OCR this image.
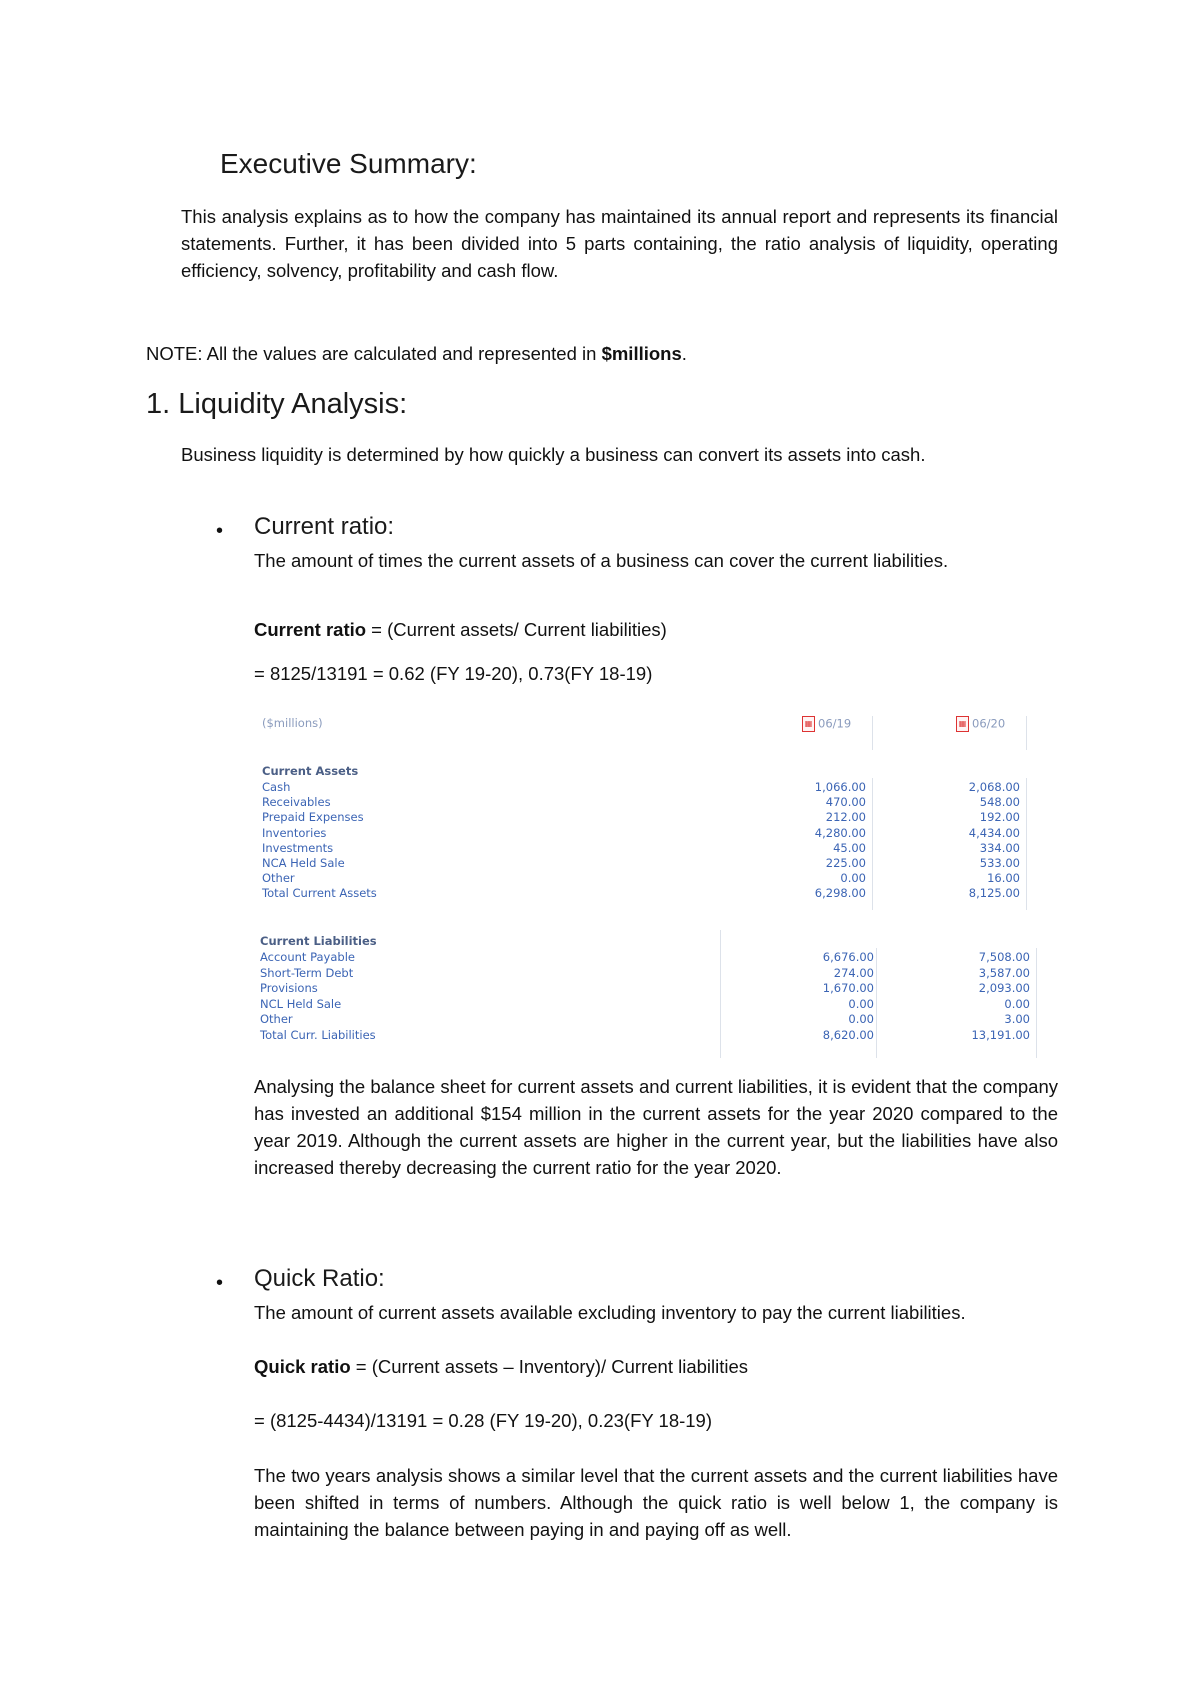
Executive Summary:
This analysis explains as to how the company has maintained its annual report and represents its financial statements. Further, it has been divided into 5 parts containing, the ratio analysis of liquidity, operating efficiency, solvency, profitability and cash flow.
NOTE: All the values are calculated and represented in $millions.
1. Liquidity Analysis:
Business liquidity is determined by how quickly a business can convert its assets into cash.
• Current ratio:
The amount of times the current assets of a business can cover the current liabilities.
Current ratio = (Current assets/ Current liabilities)
= 8125/13191 = 0.62 (FY 19-20), 0.73(FY 18-19)
($millions)	▦ 06/19	▦ 06/20
Current Assets
Cash	1,066.00	2,068.00
Receivables	470.00	548.00
Prepaid Expenses	212.00	192.00
Inventories	4,280.00	4,434.00
Investments	45.00	334.00
NCA Held Sale	225.00	533.00
Other	0.00	16.00
Total Current Assets	6,298.00	8,125.00
Current Liabilities
Account Payable	6,676.00	7,508.00
Short-Term Debt	274.00	3,587.00
Provisions	1,670.00	2,093.00
NCL Held Sale	0.00	0.00
Other	0.00	3.00
Total Curr. Liabilities	8,620.00	13,191.00
Analysing the balance sheet for current assets and current liabilities, it is evident that the company has invested an additional $154 million in the current assets for the year 2020 compared to the year 2019. Although the current assets are higher in the current year, but the liabilities have also increased thereby decreasing the current ratio for the year 2020.
• Quick Ratio:
The amount of current assets available excluding inventory to pay the current liabilities.
Quick ratio = (Current assets – Inventory)/ Current liabilities
= (8125-4434)/13191 = 0.28 (FY 19-20), 0.23(FY 18-19)
The two years analysis shows a similar level that the current assets and the current liabilities have been shifted in terms of numbers. Although the quick ratio is well below 1, the company is maintaining the balance between paying in and paying off as well.
